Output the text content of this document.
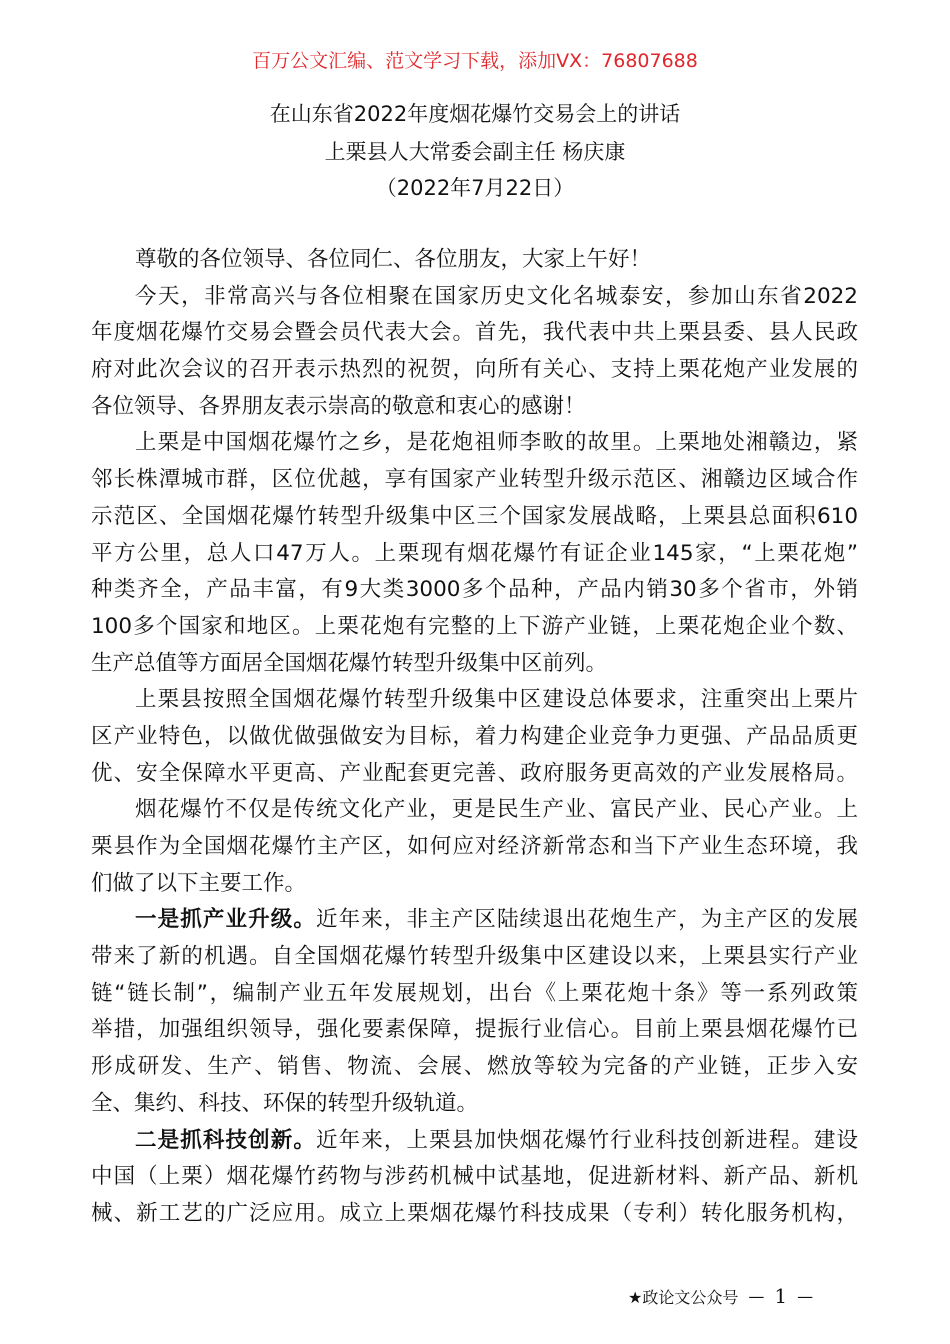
百万公文汇编、范文学习下载，添加VX：76807688
在山东省2022年度烟花爆竹交易会上的讲话
上栗县人大常委会副主任 杨庆康
（2022年7月22日）
尊敬的各位领导、各位同仁、各位朋友，大家上午好！
今天，非常高兴与各位相聚在国家历史文化名城泰安，参加山东省2022
年度烟花爆竹交易会暨会员代表大会。首先，我代表中共上栗县委、县人民政
府对此次会议的召开表示热烈的祝贺，向所有关心、支持上栗花炮产业发展的
各位领导、各界朋友表示崇高的敬意和衷心的感谢！
上栗是中国烟花爆竹之乡，是花炮祖师李畋的故里。上栗地处湘赣边，紧
邻长株潭城市群，区位优越，享有国家产业转型升级示范区、湘赣边区域合作
示范区、全国烟花爆竹转型升级集中区三个国家发展战略，上栗县总面积610
平方公里，总人口47万人。上栗现有烟花爆竹有证企业145家，“上栗花炮”
种类齐全，产品丰富，有9大类3000多个品种，产品内销30多个省市，外销
100多个国家和地区。上栗花炮有完整的上下游产业链，上栗花炮企业个数、
生产总值等方面居全国烟花爆竹转型升级集中区前列。
上栗县按照全国烟花爆竹转型升级集中区建设总体要求，注重突出上栗片
区产业特色，以做优做强做安为目标，着力构建企业竞争力更强、产品品质更
优、安全保障水平更高、产业配套更完善、政府服务更高效的产业发展格局。
烟花爆竹不仅是传统文化产业，更是民生产业、富民产业、民心产业。上
栗县作为全国烟花爆竹主产区，如何应对经济新常态和当下产业生态环境，我
们做了以下主要工作。
一是抓产业升级。近年来，非主产区陆续退出花炮生产，为主产区的发展
带来了新的机遇。自全国烟花爆竹转型升级集中区建设以来，上栗县实行产业
链“链长制”，编制产业五年发展规划，出台《上栗花炮十条》等一系列政策
举措，加强组织领导，强化要素保障，提振行业信心。目前上栗县烟花爆竹已
形成研发、生产、销售、物流、会展、燃放等较为完备的产业链，正步入安
全、集约、科技、环保的转型升级轨道。
二是抓科技创新。近年来，上栗县加快烟花爆竹行业科技创新进程。建设
中国（上栗）烟花爆竹药物与涉药机械中试基地，促进新材料、新产品、新机
械、新工艺的广泛应用。成立上栗烟花爆竹科技成果（专利）转化服务机构，
★政论文公众号 — 1 —
